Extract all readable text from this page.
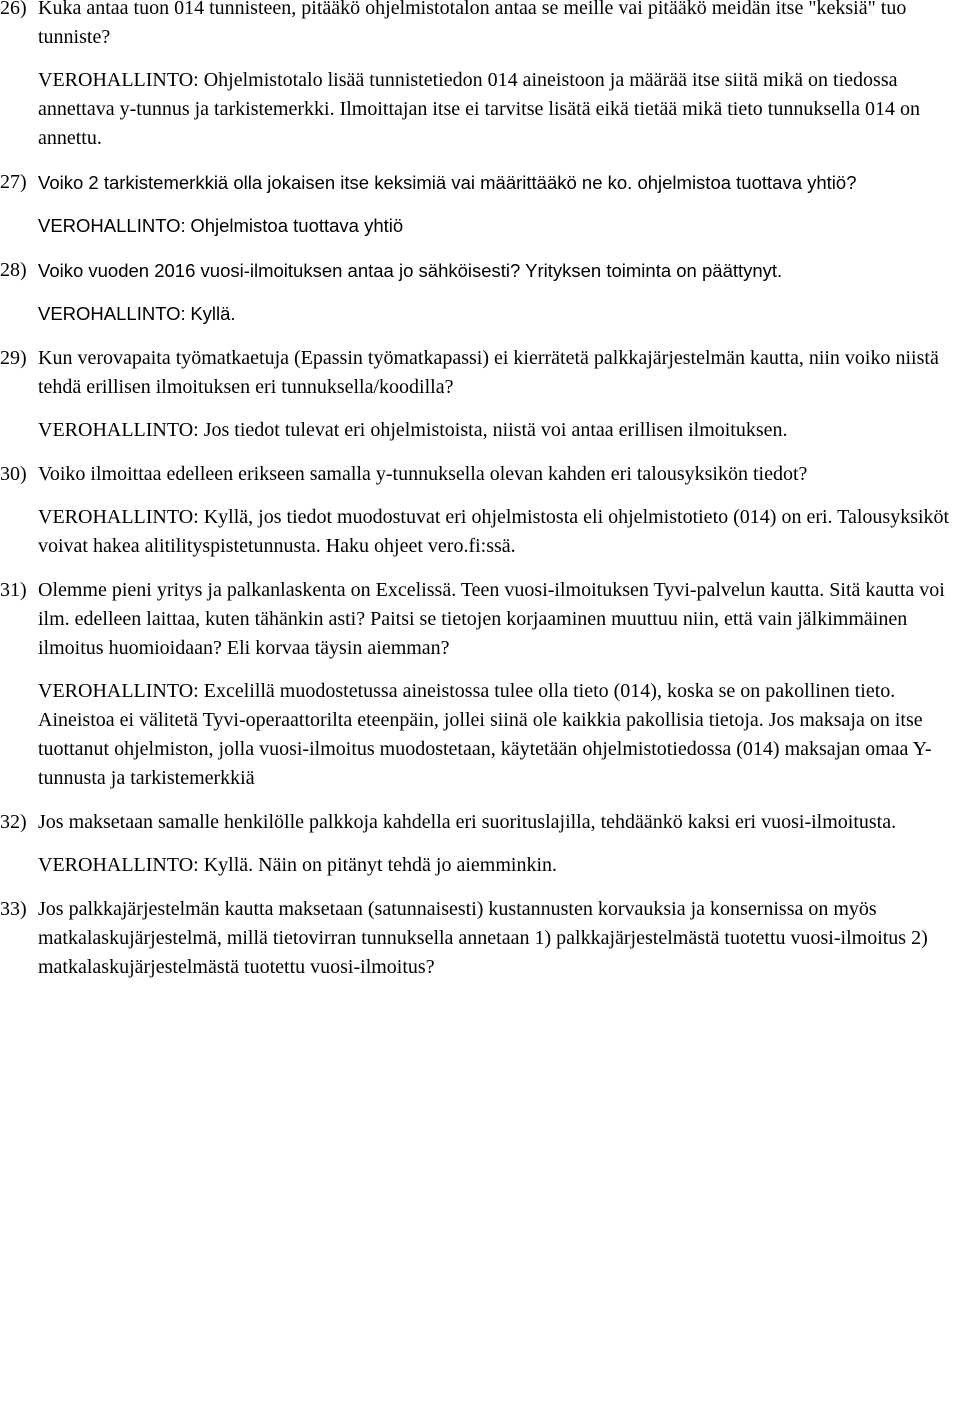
26) Kuka antaa tuon 014 tunnisteen, pitääkö ohjelmistotalon antaa se meille vai pitääkö meidän itse "keksiä" tuo tunniste?

VEROHALLINTO: Ohjelmistotalo lisää tunnistetiedon 014 aineistoon ja määrää itse siitä mikä on tiedossa annettava y-tunnus ja tarkistemerkki. Ilmoittajan itse ei tarvitse lisätä eikä tietää mikä tieto tunnuksella 014 on annettu.

27) Voiko 2 tarkistemerkkiä olla jokaisen itse keksimiä vai määrittääkö ne ko. ohjelmistoa tuottava yhtiö?

VEROHALLINTO: Ohjelmistoa tuottava yhtiö

28) Voiko vuoden 2016 vuosi-ilmoituksen antaa jo sähköisesti? Yrityksen toiminta on päättynyt.

VEROHALLINTO: Kyllä.

29) Kun verovapaita työmatkaetuja (Epassin työmatkapassi) ei kierrätetä palkkajärjestelmän kautta, niin voiko niistä tehdä erillisen ilmoituksen eri tunnuksella/koodilla?

VEROHALLINTO: Jos tiedot tulevat eri ohjelmistoista, niistä voi antaa erillisen ilmoituksen.

30) Voiko ilmoittaa edelleen erikseen samalla y-tunnuksella olevan kahden eri talousyksikön tiedot?

VEROHALLINTO: Kyllä, jos tiedot muodostuvat eri ohjelmistosta eli ohjelmistotieto (014) on eri. Talousyksiköt voivat hakea alitilityspistetunnusta. Haku ohjeet vero.fi:ssä.

31) Olemme pieni yritys ja palkanlaskenta on Excelissä. Teen vuosi-ilmoituksen Tyvi-palvelun kautta. Sitä kautta voi ilm. edelleen laittaa, kuten tähänkin asti? Paitsi se tietojen korjaaminen muuttuu niin, että vain jälkimmäinen ilmoitus huomioidaan? Eli korvaa täysin aiemman?

VEROHALLINTO: Excelillä muodostetussa aineistossa tulee olla tieto (014), koska se on pakollinen tieto. Aineistoa ei välitetä Tyvi-operaattorilta eteenpäin, jollei siinä ole kaikkia pakollisia tietoja. Jos maksaja on itse tuottanut ohjelmiston, jolla vuosi-ilmoitus muodostetaan, käytetään ohjelmistotiedossa (014) maksajan omaa Y-tunnusta ja tarkistemerkkiä

32) Jos maksetaan samalle henkilölle palkkoja kahdella eri suorituslajilla, tehdäänkö kaksi eri vuosi-ilmoitusta.

VEROHALLINTO: Kyllä. Näin on pitänyt tehdä jo aiemminkin.

33) Jos palkkajärjestelmän kautta maksetaan (satunnaisesti) kustannusten korvauksia ja konsernissa on myös matkalaskujärjestelmä, millä tietovirran tunnuksella annetaan 1) palkkajärjestelmästä tuotettu vuosi-ilmoitus 2) matkalaskujärjestelmästä tuotettu vuosi-ilmoitus?
